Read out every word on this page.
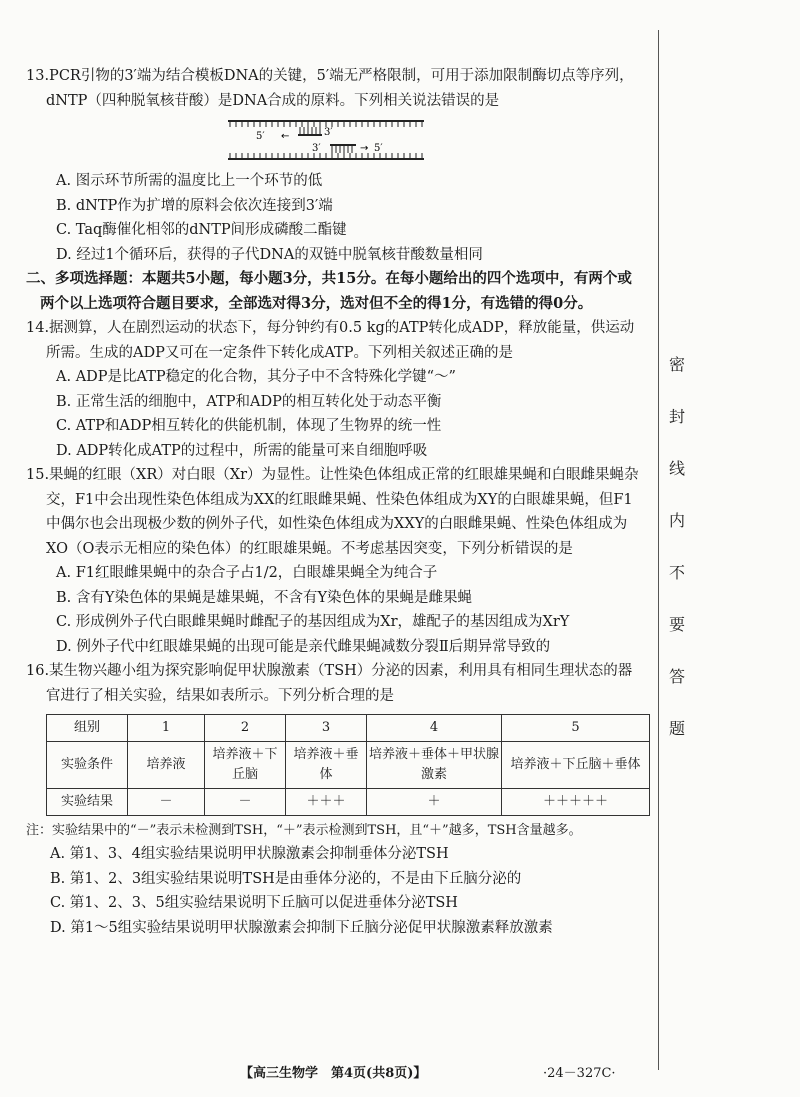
密
封
线
内
不
要
答
题

13.PCR引物的3′端为结合模板DNA的关键，5′端无严格限制，可用于添加限制酶切点等序列，dNTP（四种脱氧核苷酸）是DNA合成的原料。下列相关说法错误的是

5′ ←	3′
3′	→ 5′

A. 图示环节所需的温度比上一个环节的低

B. dNTP作为扩增的原料会依次连接到3′端

C. Taq酶催化相邻的dNTP间形成磷酸二酯键

D. 经过1个循环后，获得的子代DNA的双链中脱氧核苷酸数量相同

二、多项选择题：本题共5小题，每小题3分，共15分。在每小题给出的四个选项中，有两个或两个以上选项符合题目要求，全部选对得3分，选对但不全的得1分，有选错的得0分。

14.据测算，人在剧烈运动的状态下，每分钟约有0.5 kg的ATP转化成ADP，释放能量，供运动所需。生成的ADP又可在一定条件下转化成ATP。下列相关叙述正确的是

A. ADP是比ATP稳定的化合物，其分子中不含特殊化学键“～”

B. 正常生活的细胞中，ATP和ADP的相互转化处于动态平衡

C. ATP和ADP相互转化的供能机制，体现了生物界的统一性

D. ADP转化成ATP的过程中，所需的能量可来自细胞呼吸

15.果蝇的红眼（XR）对白眼（Xr）为显性。让性染色体组成正常的红眼雄果蝇和白眼雌果蝇杂交，F1中会出现性染色体组成为XX的红眼雌果蝇、性染色体组成为XY的白眼雄果蝇，但F1中偶尔也会出现极少数的例外子代，如性染色体组成为XXY的白眼雌果蝇、性染色体组成为XO（O表示无相应的染色体）的红眼雄果蝇。不考虑基因突变，下列分析错误的是

A. F1红眼雌果蝇中的杂合子占1/2，白眼雄果蝇全为纯合子

B. 含有Y染色体的果蝇是雄果蝇，不含有Y染色体的果蝇是雌果蝇

C. 形成例外子代白眼雌果蝇时雌配子的基因组成为Xr，雄配子的基因组成为XrY

D. 例外子代中红眼雄果蝇的出现可能是亲代雌果蝇减数分裂Ⅱ后期异常导致的

16.某生物兴趣小组为探究影响促甲状腺激素（TSH）分泌的因素，利用具有相同生理状态的器官进行了相关实验，结果如表所示。下列分析合理的是

组别	1	2	3	4	5
实验条件	培养液	培养液＋下丘脑	培养液＋垂体	培养液＋垂体＋甲状腺激素	培养液＋下丘脑＋垂体
实验结果	－	－	＋＋＋	＋	＋＋＋＋＋

注：实验结果中的“－”表示未检测到TSH，“＋”表示检测到TSH，且“＋”越多，TSH含量越多。

A. 第1、3、4组实验结果说明甲状腺激素会抑制垂体分泌TSH

B. 第1、2、3组实验结果说明TSH是由垂体分泌的，不是由下丘脑分泌的

C. 第1、2、3、5组实验结果说明下丘脑可以促进垂体分泌TSH

D. 第1～5组实验结果说明甲状腺激素会抑制下丘脑分泌促甲状腺激素释放激素

【高三生物学　第4页(共8页)】	·24－327C·
